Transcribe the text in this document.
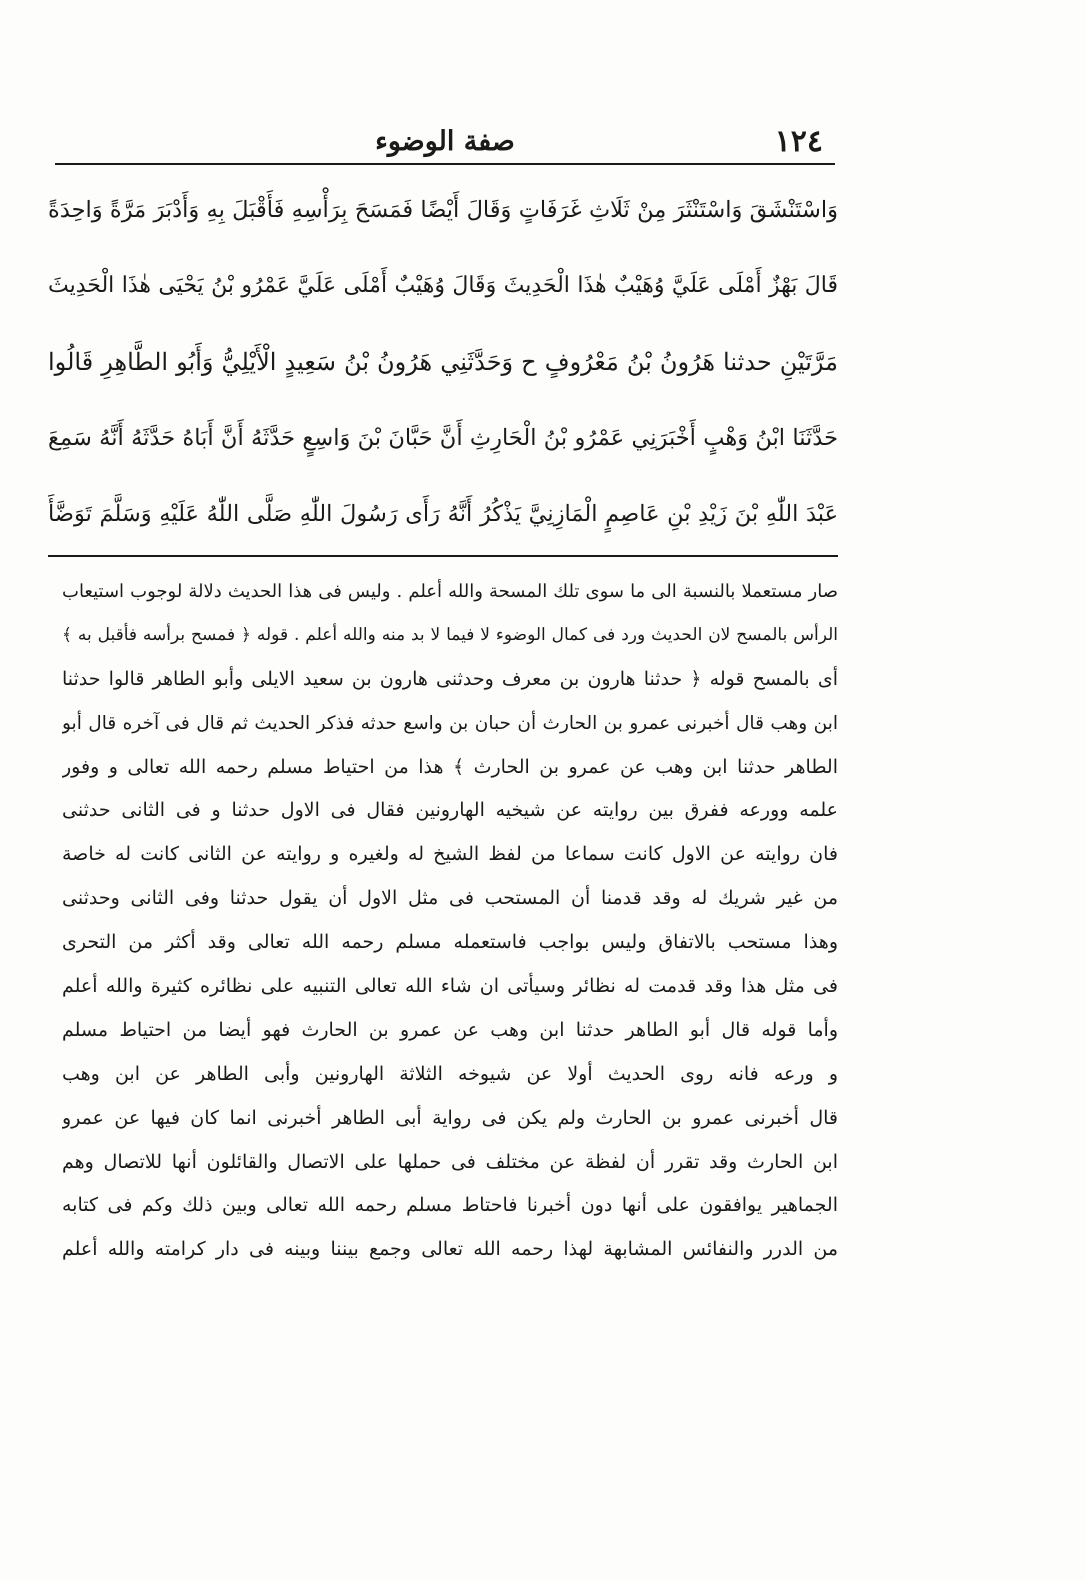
١٢٤
صفة الوضوء
وَاسْتَنْشَقَ وَاسْتَنْثَرَ مِنْ ثَلَاثِ غَرَفَاتٍ وَقَالَ أَيْضًا فَمَسَحَ بِرَأْسِهِ فَأَقْبَلَ بِهِ وَأَدْبَرَ مَرَّةً وَاحِدَةً
قَالَ بَهْزٌ أَمْلَى عَلَيَّ وُهَيْبٌ هٰذَا الْحَدِيثَ وَقَالَ وُهَيْبٌ أَمْلَى عَلَيَّ عَمْرُو بْنُ يَحْيَى هٰذَا الْحَدِيثَ
مَرَّتَيْنِ حدثنا هَرُونُ بْنُ مَعْرُوفٍ ح وَحَدَّثَنِي هَرُونُ بْنُ سَعِيدٍ الْأَيْلِيُّ وَأَبُو الطَّاهِرِ قَالُوا
حَدَّثَنَا ابْنُ وَهْبٍ أَخْبَرَنِي عَمْرُو بْنُ الْحَارِثِ أَنَّ حَبَّانَ بْنَ وَاسِعٍ حَدَّثَهُ أَنَّ أَبَاهُ حَدَّثَهُ أَنَّهُ سَمِعَ
عَبْدَ اللّٰهِ بْنَ زَيْدِ بْنِ عَاصِمٍ الْمَازِنِيَّ يَذْكُرُ أَنَّهُ رَأَى رَسُولَ اللّٰهِ صَلَّى اللّٰهُ عَلَيْهِ وَسَلَّمَ تَوَضَّأَ
صار مستعملا بالنسبة الى ما سوى تلك المسحة والله أعلم . وليس فى هذا الحديث دلالة لوجوب استيعاب
الرأس بالمسح لان الحديث ورد فى كمال الوضوء لا فيما لا بد منه والله أعلم . قوله ﴿ فمسح برأسه فأقبل به ﴾
أى بالمسح قوله ﴿ حدثنا هارون بن معرف وحدثنى هارون بن سعيد الايلى وأبو الطاهر قالوا حدثنا
ابن وهب قال أخبرنى عمرو بن الحارث أن حبان بن واسع حدثه فذكر الحديث ثم قال فى آخره قال أبو
الطاهر حدثنا ابن وهب عن عمرو بن الحارث ﴾ هذا من احتياط مسلم رحمه الله تعالى و وفور
علمه وورعه ففرق بين روايته عن شيخيه الهارونين فقال فى الاول حدثنا و فى الثانى حدثنى
فان روايته عن الاول كانت سماعا من لفظ الشيخ له ولغيره و روايته عن الثانى كانت له خاصة
من غير شريك له وقد قدمنا أن المستحب فى مثل الاول أن يقول حدثنا وفى الثانى وحدثنى
وهذا مستحب بالاتفاق وليس بواجب فاستعمله مسلم رحمه الله تعالى وقد أكثر من التحرى
فى مثل هذا وقد قدمت له نظائر وسيأتى ان شاء الله تعالى التنبيه على نظائره كثيرة والله أعلم
وأما قوله قال أبو الطاهر حدثنا ابن وهب عن عمرو بن الحارث فهو أيضا من احتياط مسلم
و ورعه فانه روى الحديث أولا عن شيوخه الثلاثة الهارونين وأبى الطاهر عن ابن وهب
قال أخبرنى عمرو بن الحارث ولم يكن فى رواية أبى الطاهر أخبرنى انما كان فيها عن عمرو
ابن الحارث وقد تقرر أن لفظة عن مختلف فى حملها على الاتصال والقائلون أنها للاتصال وهم
الجماهير يوافقون على أنها دون أخبرنا فاحتاط مسلم رحمه الله تعالى وبين ذلك وكم فى كتابه
من الدرر والنفائس المشابهة لهذا رحمه الله تعالى وجمع بيننا وبينه فى دار كرامته والله أعلم
